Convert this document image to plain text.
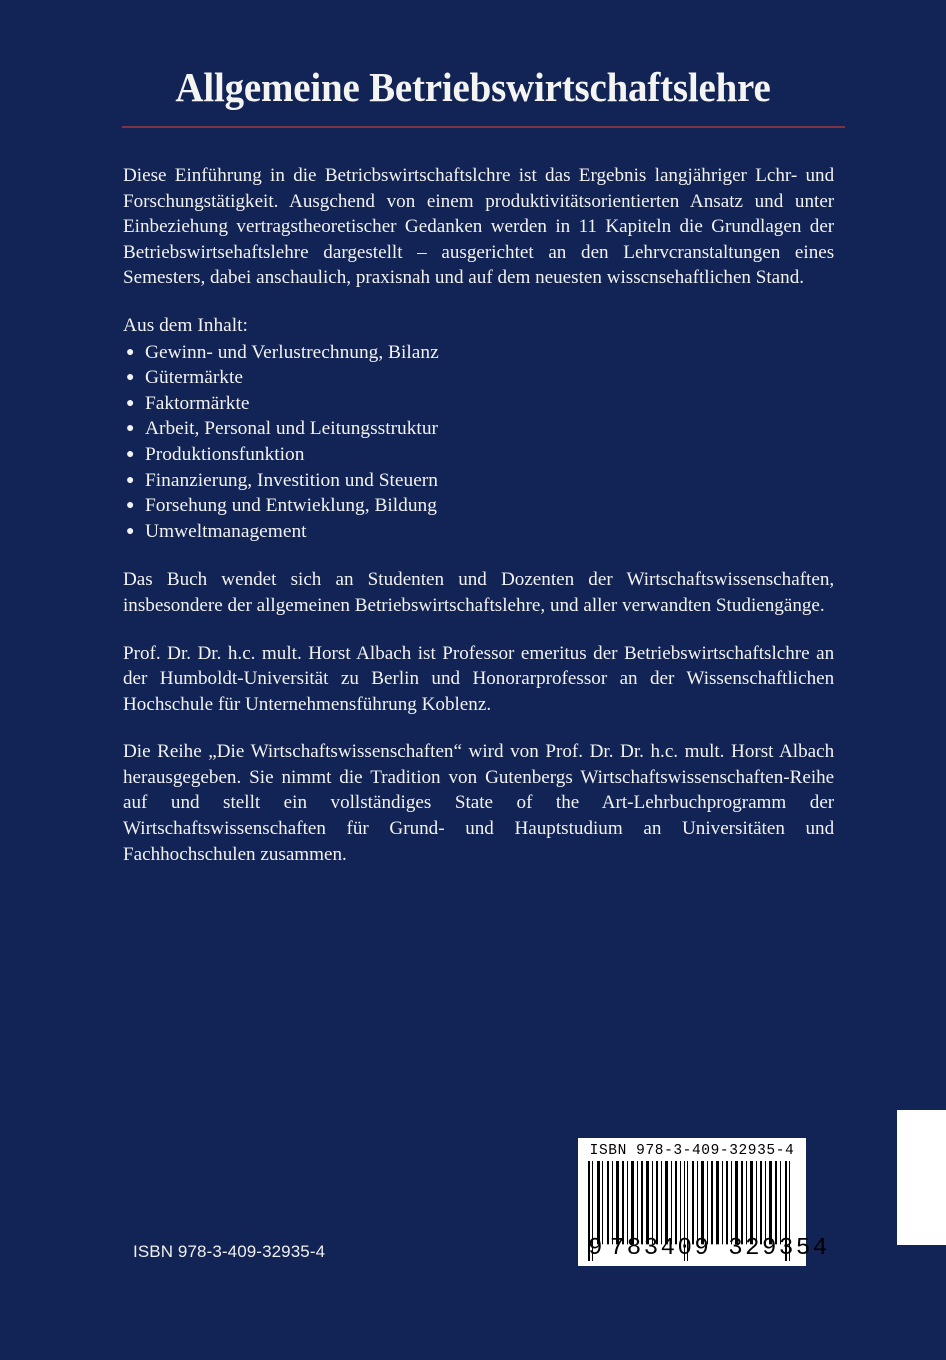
Allgemeine Betriebswirtschaftslehre

Diese Einführung in die Betricbswirtschaftslchre ist das Ergebnis langjähriger Lchr- und Forschungstätigkeit. Ausgchend von einem produktivitätsorientierten Ansatz und unter Einbeziehung vertragstheoretischer Gedanken werden in 11 Kapiteln die Grundlagen der Betriebswirtsehaftslehre dargestellt – ausgerichtet an den Lehrvcranstaltungen eines Semesters, dabei anschaulich, praxisnah und auf dem neuesten wisscnsehaftlichen Stand.

Aus dem Inhalt:
● Gewinn- und Verlustrechnung, Bilanz
● Gütermärkte
● Faktormärkte
● Arbeit, Personal und Leitungsstruktur
● Produktionsfunktion
● Finanzierung, Investition und Steuern
● Forsehung und Entwieklung, Bildung
● Umweltmanagement

Das Buch wendet sich an Studenten und Dozenten der Wirtschaftswissenschaften, insbesondere der allgemeinen Betriebswirtschaftslehre, und aller verwandten Studiengänge.

Prof. Dr. Dr. h.c. mult. Horst Albach ist Professor emeritus der Betriebswirtschaftslchre an der Humboldt-Universität zu Berlin und Honorarprofessor an der Wissenschaftlichen Hochschule für Unternehmensführung Koblenz.

Die Reihe „Die Wirtschaftswissenschaften“ wird von Prof. Dr. Dr. h.c. mult. Horst Albach herausgegeben. Sie nimmt die Tradition von Gutenbergs Wirtschaftswissenschaften-Reihe auf und stellt ein vollständiges State of the Art-Lehrbuchprogramm der Wirtschaftswissenschaften für Grund- und Hauptstudium an Universitäten und Fachhochschulen zusammen.

ISBN 978-3-409-32935-4
ISBN 978-3-409-32935-4
9 783409 329354
